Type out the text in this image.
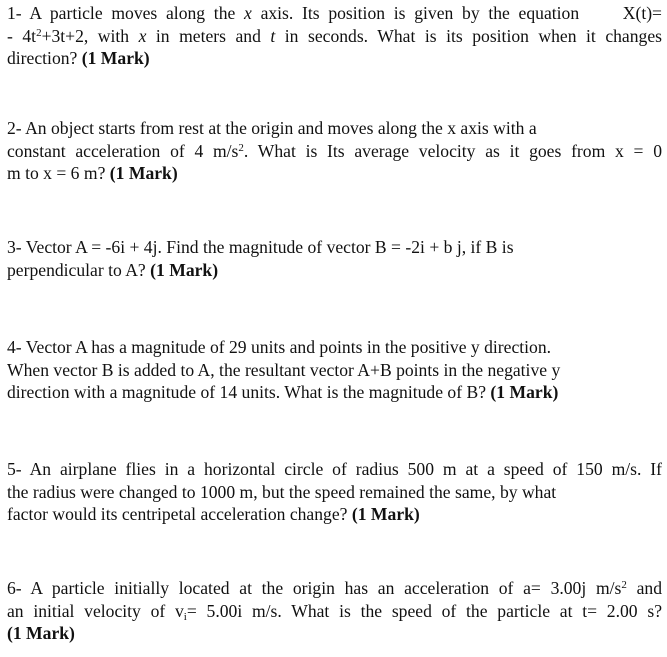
1- A particle moves along the x axis. Its position is given by the equation X(t)=
- $4t^2+3t+2$, with x in meters and t in seconds. What is its position when it changes
direction? (1 Mark)
2- An object starts from rest at the origin and moves along the x axis with a
constant acceleration of 4 $m/s^2$. What is Its average velocity as it goes from x = 0
m to x = 6 m? (1 Mark)
3- Vector A = -6i + 4j. Find the magnitude of vector B = -2i + b j, if B is
perpendicular to A? (1 Mark)
4- Vector A has a magnitude of 29 units and points in the positive y direction.
When vector B is added to A, the resultant vector A+B points in the negative y
direction with a magnitude of 14 units. What is the magnitude of B? (1 Mark)
5- An airplane flies in a horizontal circle of radius 500 m at a speed of 150 m/s. If
the radius were changed to 1000 m, but the speed remained the same, by what
factor would its centripetal acceleration change? (1 Mark)
6- A particle initially located at the origin has an acceleration of a= 3.00j $m/s^2$ and
an initial velocity of $v_i= 5.00i$ m/s. What is the speed of the particle at t= 2.00 s?
(1 Mark)
